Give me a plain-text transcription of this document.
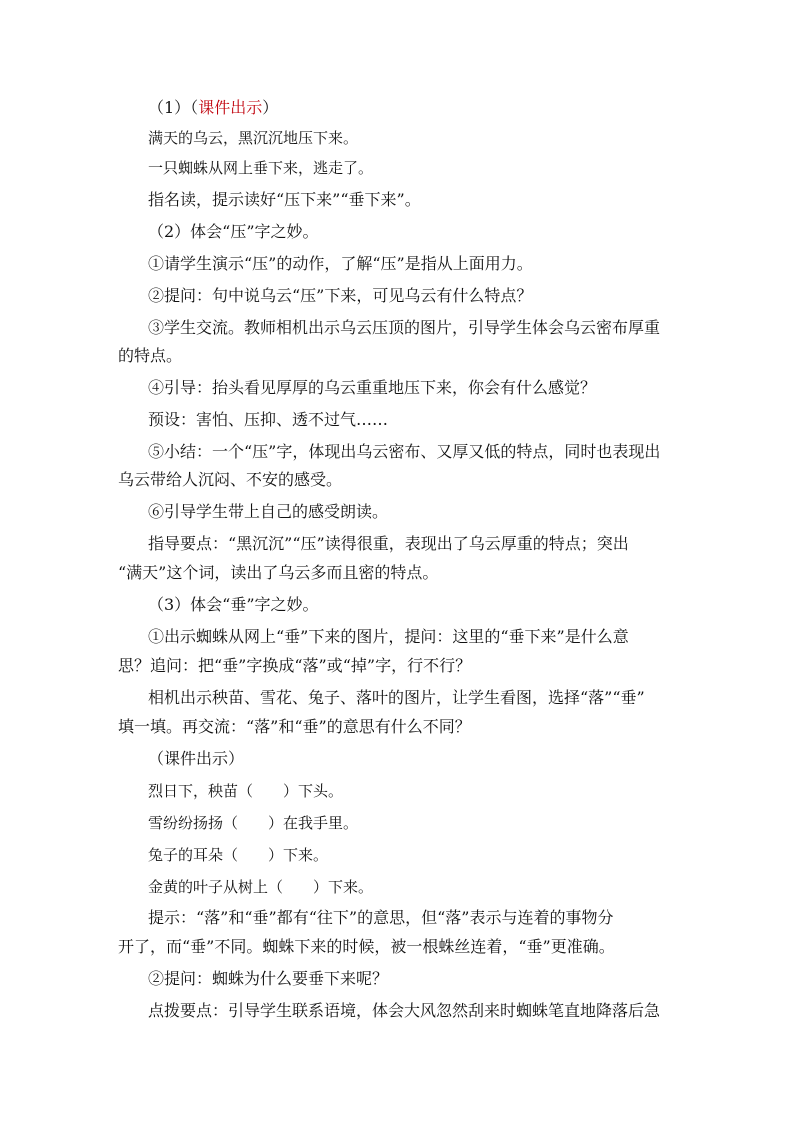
（1）（课件出示）
满天的乌云，黑沉沉地压下来。
一只蜘蛛从网上垂下来，逃走了。
指名读，提示读好“压下来”“垂下来”。
（2）体会“压”字之妙。
①请学生演示“压”的动作，了解“压”是指从上面用力。
②提问：句中说乌云“压”下来，可见乌云有什么特点？
③学生交流。教师相机出示乌云压顶的图片，引导学生体会乌云密布厚重
的特点。
④引导：抬头看见厚厚的乌云重重地压下来，你会有什么感觉？
预设：害怕、压抑、透不过气……
⑤小结：一个“压”字，体现出乌云密布、又厚又低的特点，同时也表现出
乌云带给人沉闷、不安的感受。
⑥引导学生带上自己的感受朗读。
指导要点：“黑沉沉”“压”读得很重，表现出了乌云厚重的特点；突出
“满天”这个词，读出了乌云多而且密的特点。
（3）体会“垂”字之妙。
①出示蜘蛛从网上“垂”下来的图片，提问：这里的“垂下来”是什么意
思？追问：把“垂”字换成“落”或“掉”字，行不行？
相机出示秧苗、雪花、兔子、落叶的图片，让学生看图，选择“落”“垂”
填一填。再交流：“落”和“垂”的意思有什么不同？
（课件出示）
烈日下，秧苗（　　）下头。
雪纷纷扬扬（　　）在我手里。
兔子的耳朵（　　）下来。
金黄的叶子从树上（　　）下来。
提示：“落”和“垂”都有“往下”的意思，但“落”表示与连着的事物分
开了，而“垂”不同。蜘蛛下来的时候，被一根蛛丝连着，“垂”更准确。
②提问：蜘蛛为什么要垂下来呢？
点拨要点：引导学生联系语境，体会大风忽然刮来时蜘蛛笔直地降落后急
